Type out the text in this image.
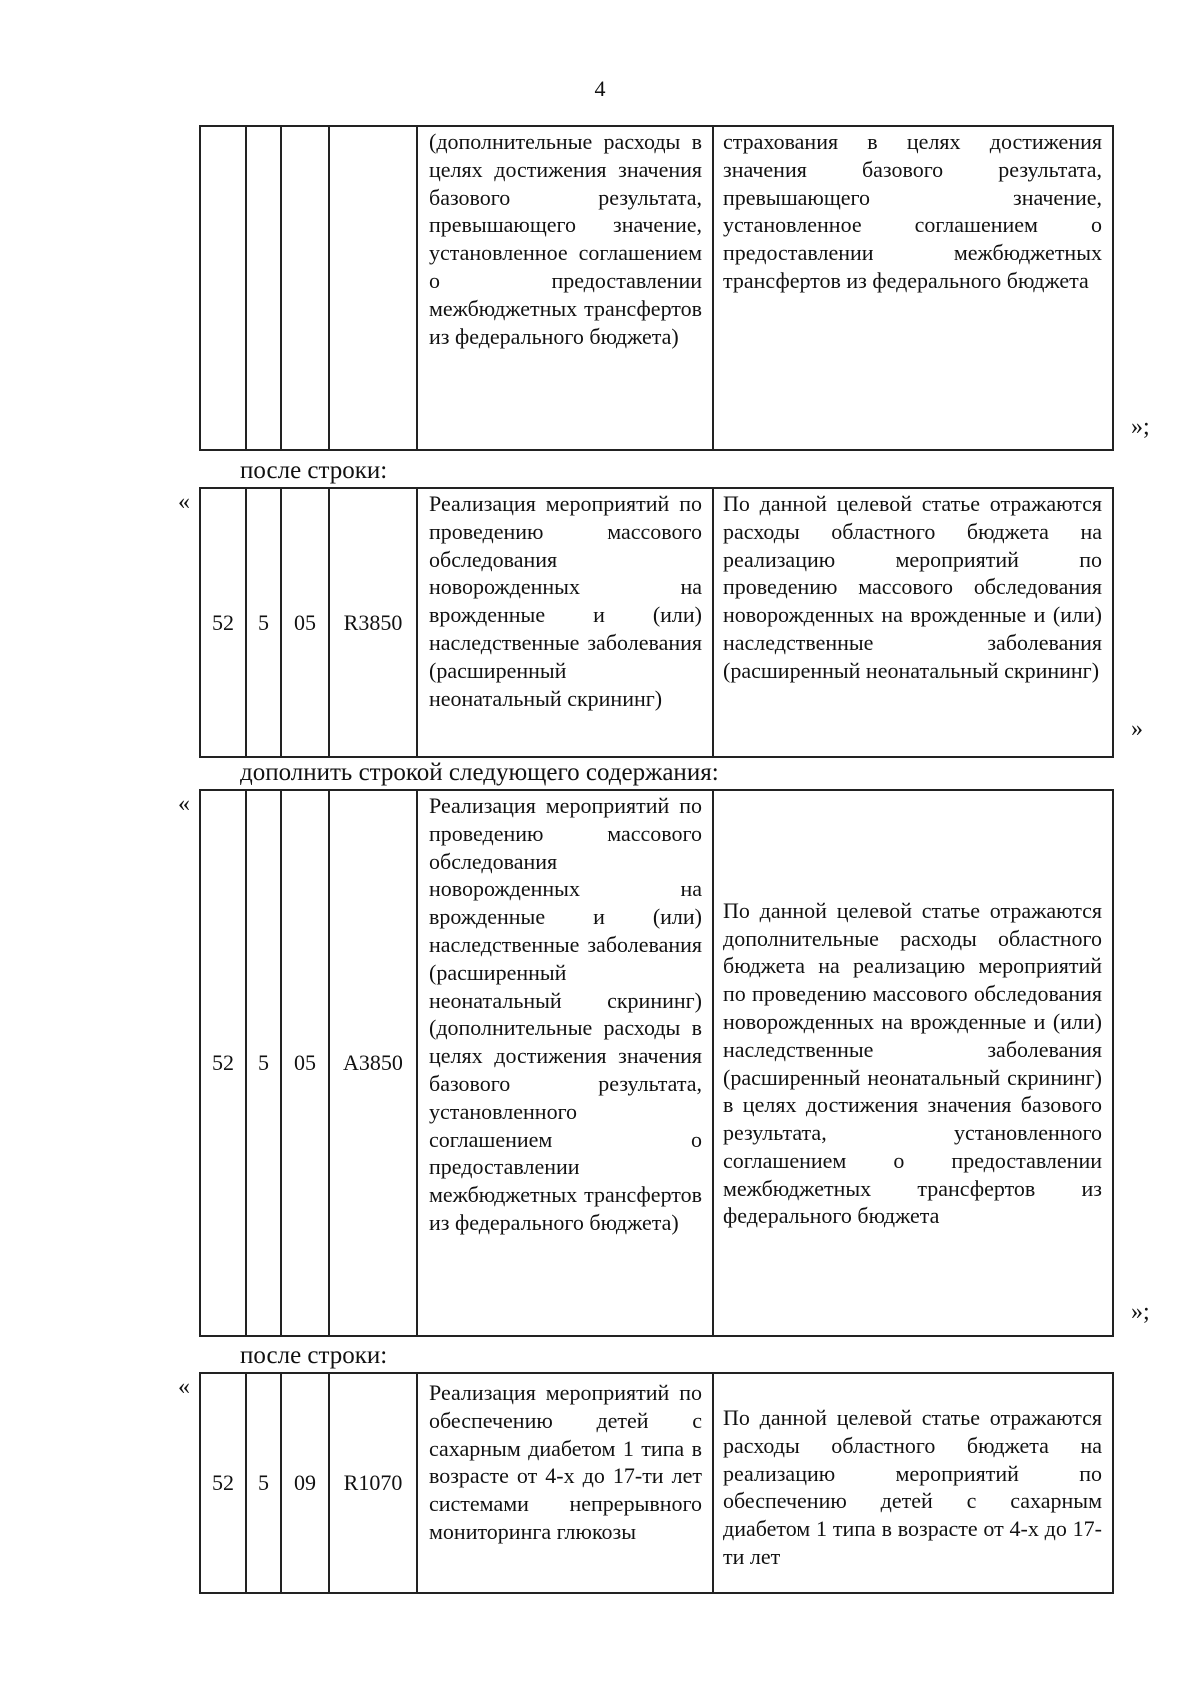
4
				(дополнительные расходы в целях достижения значения базового результата, превышающего значение, установленное соглашением о предоставлении межбюджетных трансфертов из федерального бюджета)	страхования в целях достижения значения базового результата, превышающего значение, установленное соглашением о предоставлении межбюджетных трансфертов из федерального бюджета
»;
после строки:
«
52	5	05	R3850	Реализация мероприятий по проведению массового обследования новорожденных на врожденные и (или) наследственные заболевания (расширенный неонатальный скрининг)	По данной целевой статье отражаются расходы областного бюджета на реализацию мероприятий по проведению массового обследования новорожденных на врожденные и (или) наследственные заболевания (расширенный неонатальный скрининг)
»
дополнить строкой следующего содержания:
«
52	5	05	А3850	Реализация мероприятий по проведению массового обследования новорожденных на врожденные и (или) наследственные заболевания (расширенный неонатальный скрининг) (дополнительные расходы в целях достижения значения базового результата, установленного соглашением о предоставлении межбюджетных трансфертов из федерального бюджета)	По данной целевой статье отражаются дополнительные расходы областного бюджета на реализацию мероприятий по проведению массового обследования новорожденных на врожденные и (или) наследственные заболевания (расширенный неонатальный скрининг) в целях достижения значения базового результата, установленного соглашением о предоставлении межбюджетных трансфертов из федерального бюджета
»;
после строки:
«
52	5	09	R1070	Реализация мероприятий по обеспечению детей с сахарным диабетом 1 типа в возрасте от 4-х до 17-ти лет системами непрерывного мониторинга глюкозы	По данной целевой статье отражаются расходы областного бюджета на реализацию мероприятий по обеспечению детей с сахарным диабетом 1 типа в возрасте от 4-х до 17-ти лет
